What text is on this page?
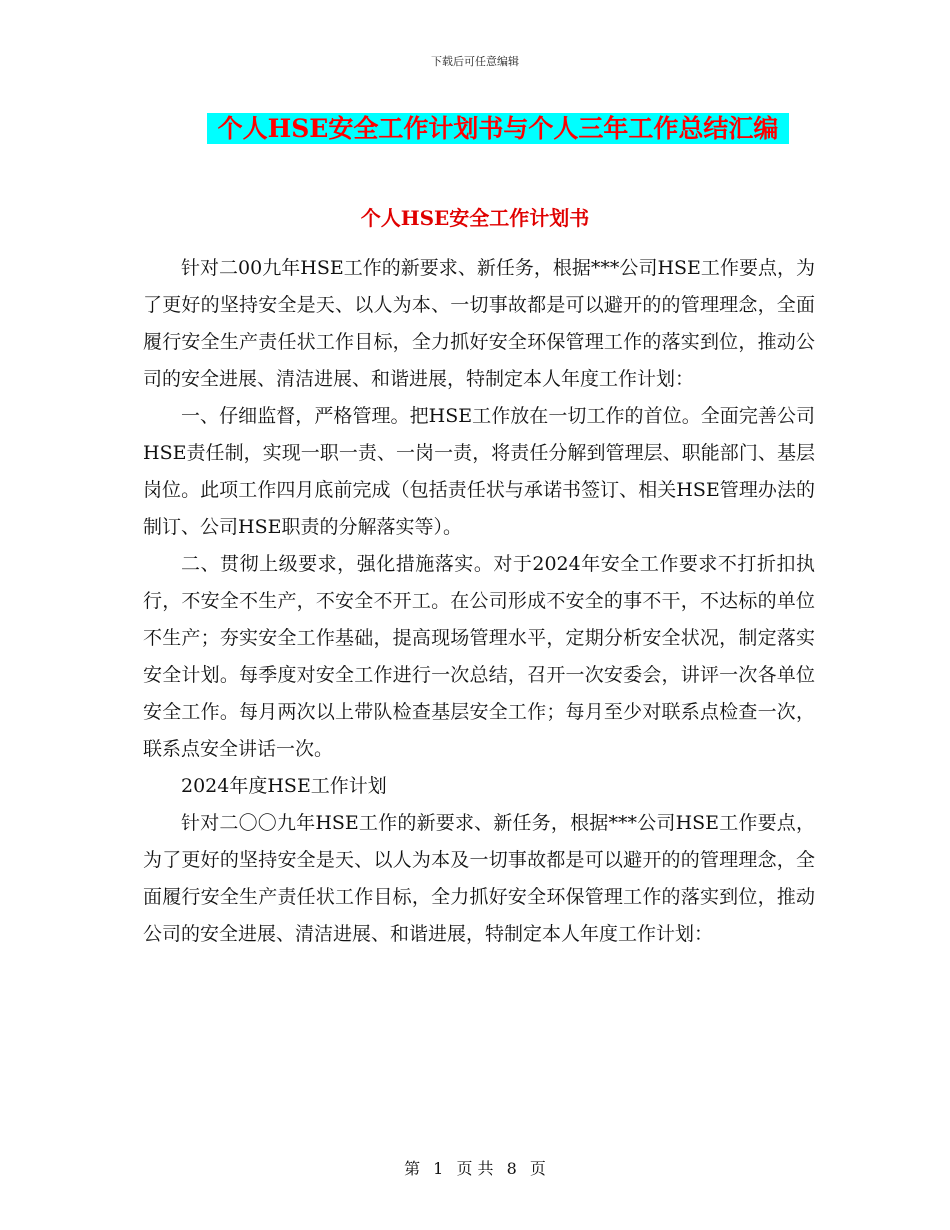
下载后可任意编辑
个人HSE安全工作计划书与个人三年工作总结汇编
个人HSE安全工作计划书

针对二00九年HSE工作的新要求、新任务，根据***公司HSE工作要点，为了更好的坚持安全是天、以人为本、一切事故都是可以避开的的管理理念，全面履行安全生产责任状工作目标，全力抓好安全环保管理工作的落实到位，推动公司的安全进展、清洁进展、和谐进展，特制定本人年度工作计划：

一、仔细监督，严格管理。把HSE工作放在一切工作的首位。全面完善公司HSE责任制，实现一职一责、一岗一责，将责任分解到管理层、职能部门、基层岗位。此项工作四月底前完成（包括责任状与承诺书签订、相关HSE管理办法的制订、公司HSE职责的分解落实等）。

二、贯彻上级要求，强化措施落实。对于2024年安全工作要求不打折扣执行，不安全不生产，不安全不开工。在公司形成不安全的事不干，不达标的单位不生产；夯实安全工作基础，提高现场管理水平，定期分析安全状况，制定落实安全计划。每季度对安全工作进行一次总结，召开一次安委会，讲评一次各单位安全工作。每月两次以上带队检查基层安全工作；每月至少对联系点检查一次，联系点安全讲话一次。

2024年度HSE工作计划

针对二〇〇九年HSE工作的新要求、新任务，根据***公司HSE工作要点，为了更好的坚持安全是天、以人为本及一切事故都是可以避开的的管理理念，全面履行安全生产责任状工作目标，全力抓好安全环保管理工作的落实到位，推动公司的安全进展、清洁进展、和谐进展，特制定本人年度工作计划：

第 1 页 共 8 页
